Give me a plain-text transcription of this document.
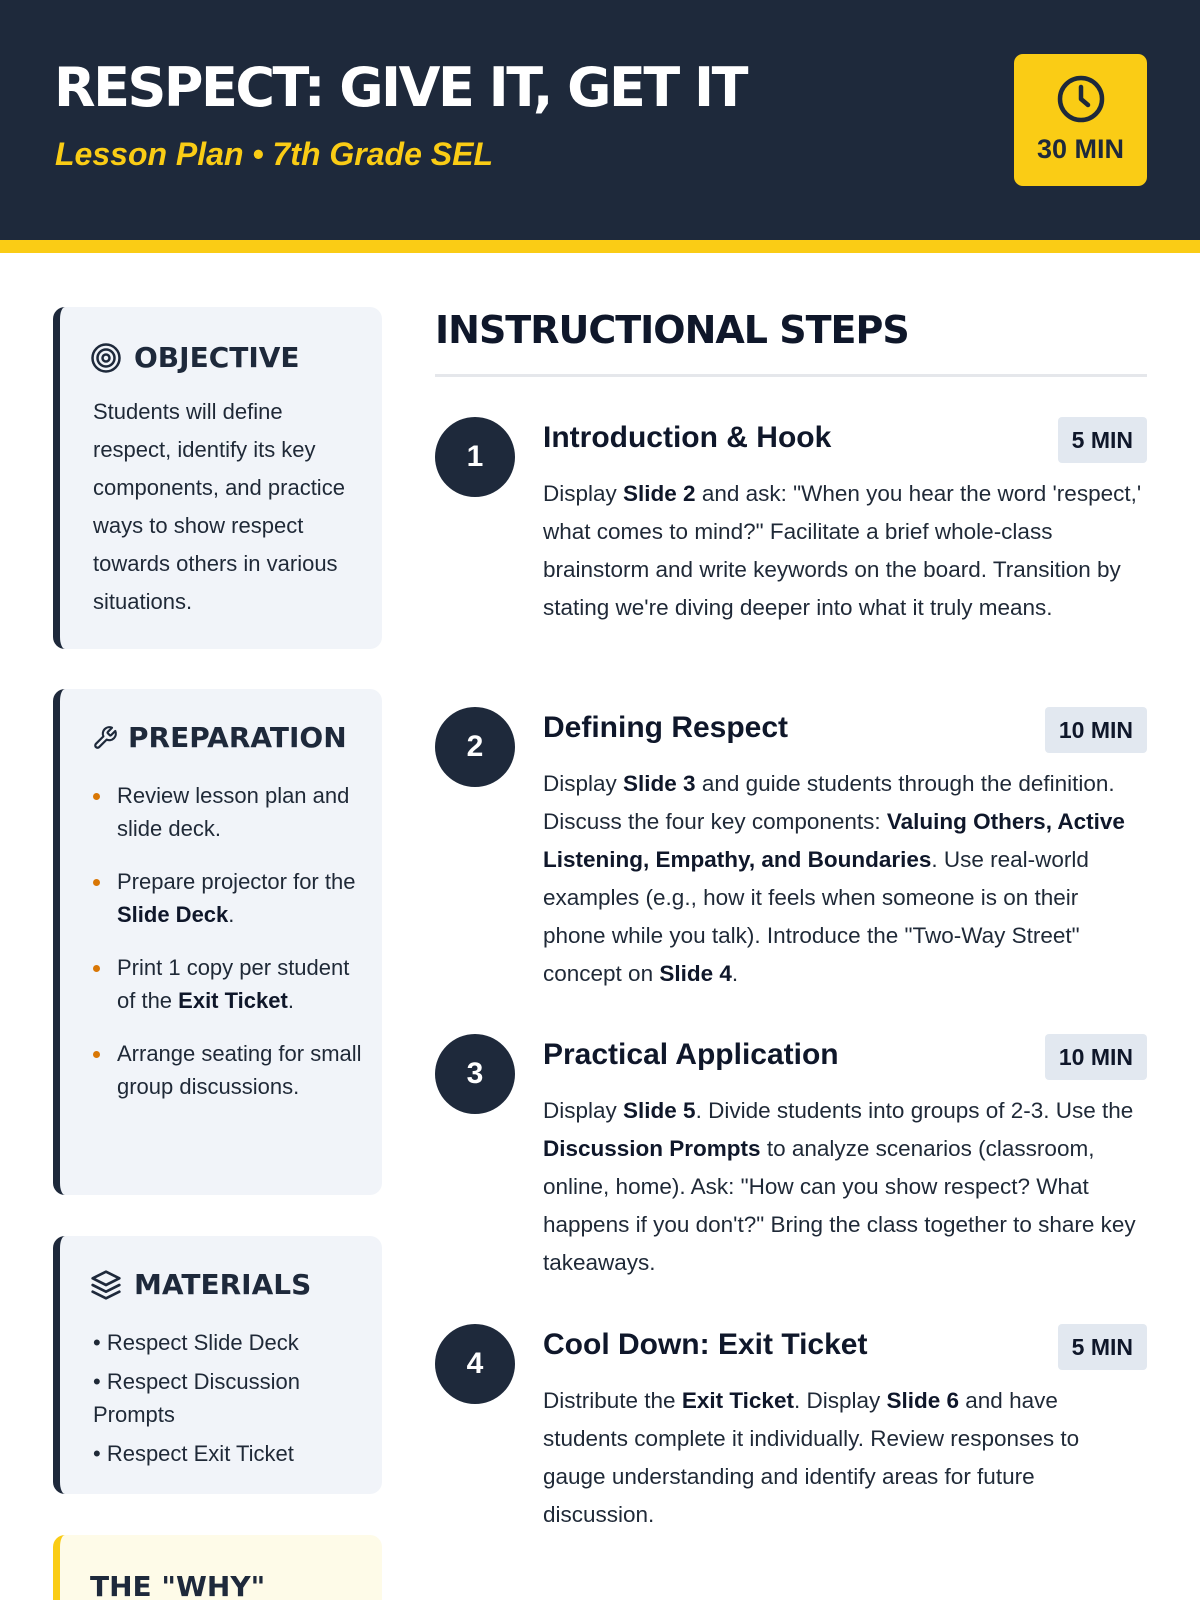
RESPECT: GIVE IT, GET IT
Lesson Plan • 7th Grade SEL	30 MIN
OBJECTIVE
Students will define respect, identify its key components, and practice ways to show respect towards others in various situations.
PREPARATION
Review lesson plan and slide deck.
Prepare projector for the Slide Deck.
Print 1 copy per student of the Exit Ticket.
Arrange seating for small group discussions.
MATERIALS
• Respect Slide Deck
• Respect Discussion Prompts
• Respect Exit Ticket
THE "WHY"
INSTRUCTIONAL STEPS
1
Introduction & Hook	5 MIN
Display Slide 2 and ask: "When you hear the word 'respect,' what comes to mind?" Facilitate a brief whole-class brainstorm and write keywords on the board. Transition by stating we're diving deeper into what it truly means.
2
Defining Respect	10 MIN
Display Slide 3 and guide students through the definition. Discuss the four key components: Valuing Others, Active Listening, Empathy, and Boundaries. Use real-world examples (e.g., how it feels when someone is on their phone while you talk). Introduce the "Two-Way Street" concept on Slide 4.
3
Practical Application	10 MIN
Display Slide 5. Divide students into groups of 2-3. Use the Discussion Prompts to analyze scenarios (classroom, online, home). Ask: "How can you show respect? What happens if you don't?" Bring the class together to share key takeaways.
4
Cool Down: Exit Ticket	5 MIN
Distribute the Exit Ticket. Display Slide 6 and have students complete it individually. Review responses to gauge understanding and identify areas for future discussion.
